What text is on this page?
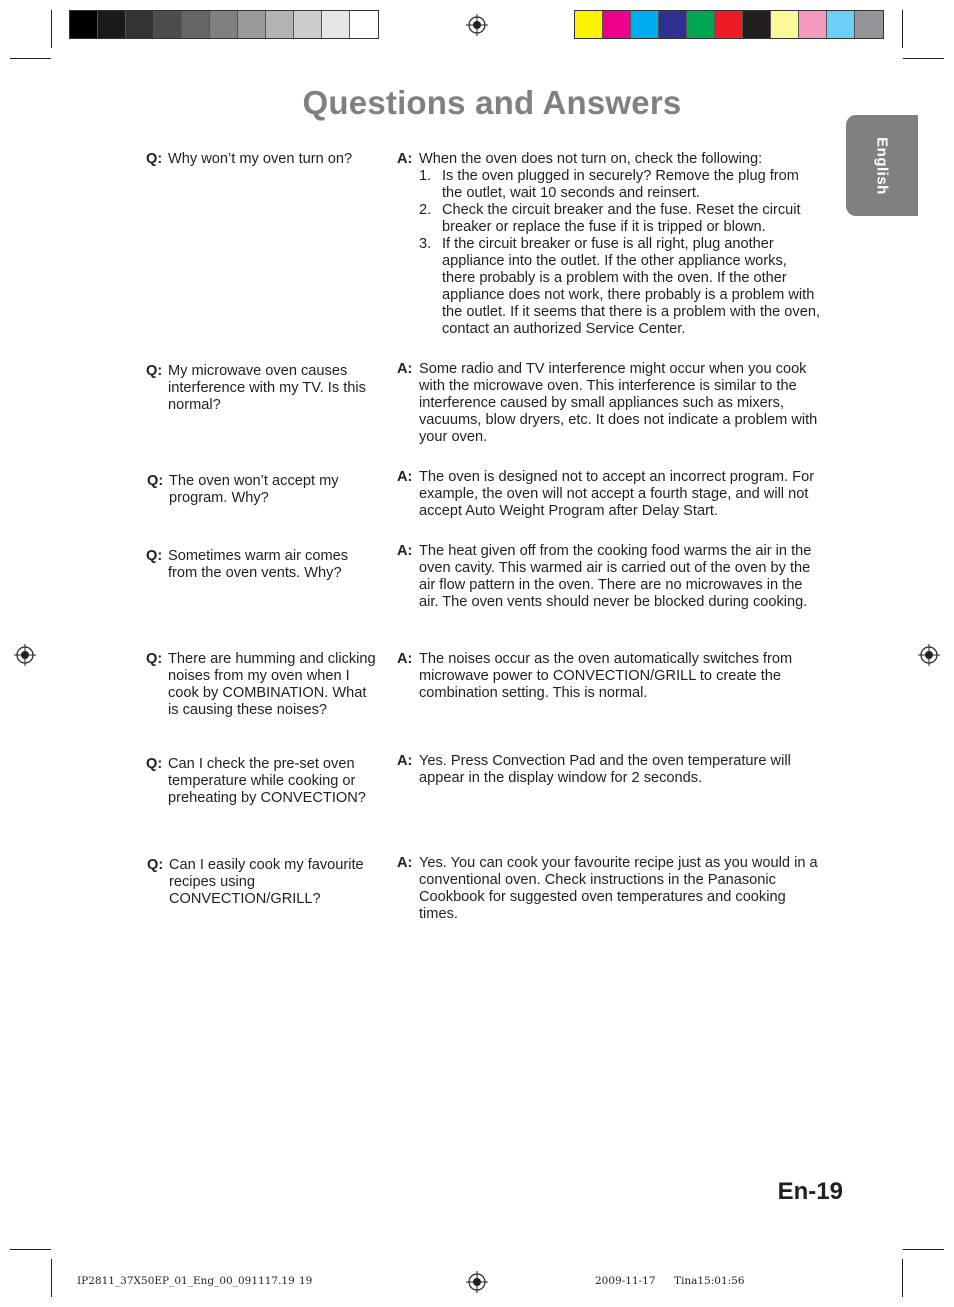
Questions and Answers
English
Q: Why won’t my oven turn on?	A: When the oven does not turn on, check the following:
1. Is the oven plugged in securely? Remove the plug from the outlet, wait 10 seconds and reinsert.
2. Check the circuit breaker and the fuse. Reset the circuit breaker or replace the fuse if it is tripped or blown.
3. If the circuit breaker or fuse is all right, plug another appliance into the outlet. If the other appliance works, there probably is a problem with the oven. If the other appliance does not work, there probably is a problem with the outlet. If it seems that there is a problem with the oven, contact an authorized Service Center.
Q: My microwave oven causes interference with my TV. Is this normal?
A: Some radio and TV interference might occur when you cook with the microwave oven. This interference is similar to the interference caused by small appliances such as mixers, vacuums, blow dryers, etc. It does not indicate a problem with your oven.
Q: The oven won’t accept my program. Why?
A: The oven is designed not to accept an incorrect program. For example, the oven will not accept a fourth stage, and will not accept Auto Weight Program after Delay Start.
Q: Sometimes warm air comes from the oven vents. Why?
A: The heat given off from the cooking food warms the air in the oven cavity. This warmed air is carried out of the oven by the air flow pattern in the oven. There are no microwaves in the air. The oven vents should never be blocked during cooking.
Q: There are humming and clicking noises from my oven when I cook by COMBINATION. What is causing these noises?
A: The noises occur as the oven automatically switches from microwave power to CONVECTION/GRILL to create the combination setting. This is normal.
Q: Can I check the pre-set oven temperature while cooking or preheating by CONVECTION?
A: Yes. Press Convection Pad and the oven temperature will appear in the display window for 2 seconds.
Q: Can I easily cook my favourite recipes using CONVECTION/GRILL?
A: Yes. You can cook your favourite recipe just as you would in a conventional oven. Check instructions in the Panasonic Cookbook for suggested oven temperatures and cooking times.
En-19
IP2811_37X50EP_01_Eng_00_091117.19 19	2009-11-17 Tina15:01:56
